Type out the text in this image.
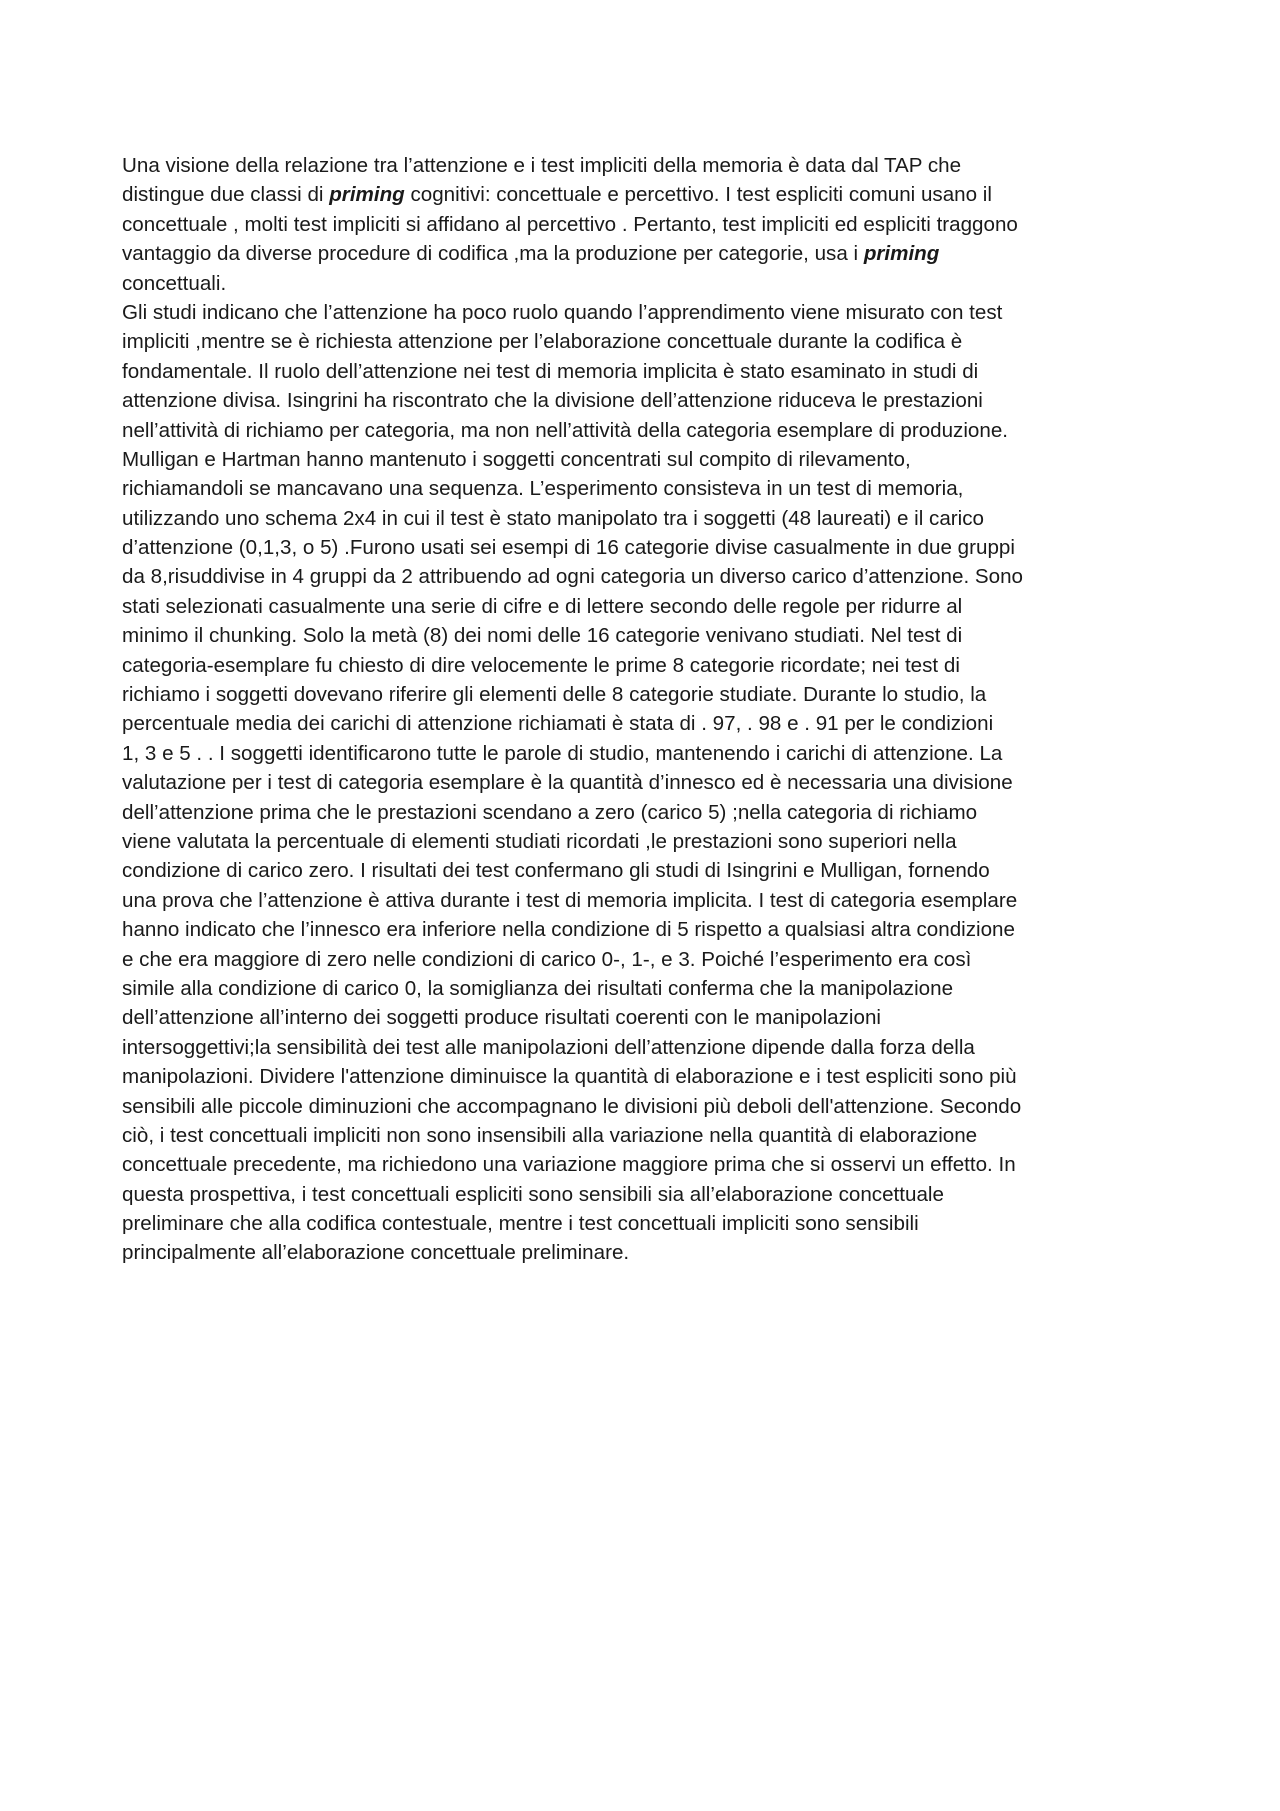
Una visione della relazione tra l’attenzione e i test impliciti della memoria è data dal TAP che
distingue due classi di priming cognitivi: concettuale e percettivo. I test espliciti comuni usano il
concettuale , molti test impliciti si affidano al percettivo . Pertanto, test impliciti ed espliciti traggono
vantaggio da diverse procedure di codifica ,ma la produzione per categorie, usa i priming
concettuali.
Gli studi indicano che l’attenzione ha poco ruolo quando l’apprendimento viene misurato con test
impliciti ,mentre se è richiesta attenzione per l’elaborazione concettuale durante la codifica è
fondamentale. Il ruolo dell’attenzione nei test di memoria implicita è stato esaminato in studi di
attenzione divisa. Isingrini ha riscontrato che la divisione dell’attenzione riduceva le prestazioni
nell’attività di richiamo per categoria, ma non nell’attività della categoria esemplare di produzione.
Mulligan e Hartman hanno mantenuto i soggetti concentrati sul compito di rilevamento,
richiamandoli se mancavano una sequenza. L’esperimento consisteva in un test di memoria,
utilizzando uno schema 2x4 in cui il test è stato manipolato tra i soggetti (48 laureati) e il carico
d’attenzione (0,1,3, o 5) .Furono usati sei esempi di 16 categorie divise casualmente in due gruppi
da 8,risuddivise in 4 gruppi da 2 attribuendo ad ogni categoria un diverso carico d’attenzione. Sono
stati selezionati casualmente una serie di cifre e di lettere secondo delle regole per ridurre al
minimo il chunking. Solo la metà (8) dei nomi delle 16 categorie venivano studiati. Nel test di
categoria-esemplare fu chiesto di dire velocemente le prime 8 categorie ricordate; nei test di
richiamo i soggetti dovevano riferire gli elementi delle 8 categorie studiate. Durante lo studio, la
percentuale media dei carichi di attenzione richiamati è stata di . 97, . 98 e . 91 per le condizioni
1, 3 e 5 . . I soggetti identificarono tutte le parole di studio, mantenendo i carichi di attenzione. La
valutazione per i test di categoria esemplare è la quantità d’innesco ed è necessaria una divisione
dell’attenzione prima che le prestazioni scendano a zero (carico 5) ;nella categoria di richiamo
viene valutata la percentuale di elementi studiati ricordati ,le prestazioni sono superiori nella
condizione di carico zero. I risultati dei test confermano gli studi di Isingrini e Mulligan, fornendo
una prova che l’attenzione è attiva durante i test di memoria implicita. I test di categoria esemplare
hanno indicato che l’innesco era inferiore nella condizione di 5 rispetto a qualsiasi altra condizione
e che era maggiore di zero nelle condizioni di carico 0-, 1-, e 3. Poiché l’esperimento era così
simile alla condizione di carico 0, la somiglianza dei risultati conferma che la manipolazione
dell’attenzione all’interno dei soggetti produce risultati coerenti con le manipolazioni
intersoggettivi;la sensibilità dei test alle manipolazioni dell’attenzione dipende dalla forza della
manipolazioni. Dividere l'attenzione diminuisce la quantità di elaborazione e i test espliciti sono più
sensibili alle piccole diminuzioni che accompagnano le divisioni più deboli dell'attenzione. Secondo
ciò, i test concettuali impliciti non sono insensibili alla variazione nella quantità di elaborazione
concettuale precedente, ma richiedono una variazione maggiore prima che si osservi un effetto. In
questa prospettiva, i test concettuali espliciti sono sensibili sia all’elaborazione concettuale
preliminare che alla codifica contestuale, mentre i test concettuali impliciti sono sensibili
principalmente all’elaborazione concettuale preliminare.
